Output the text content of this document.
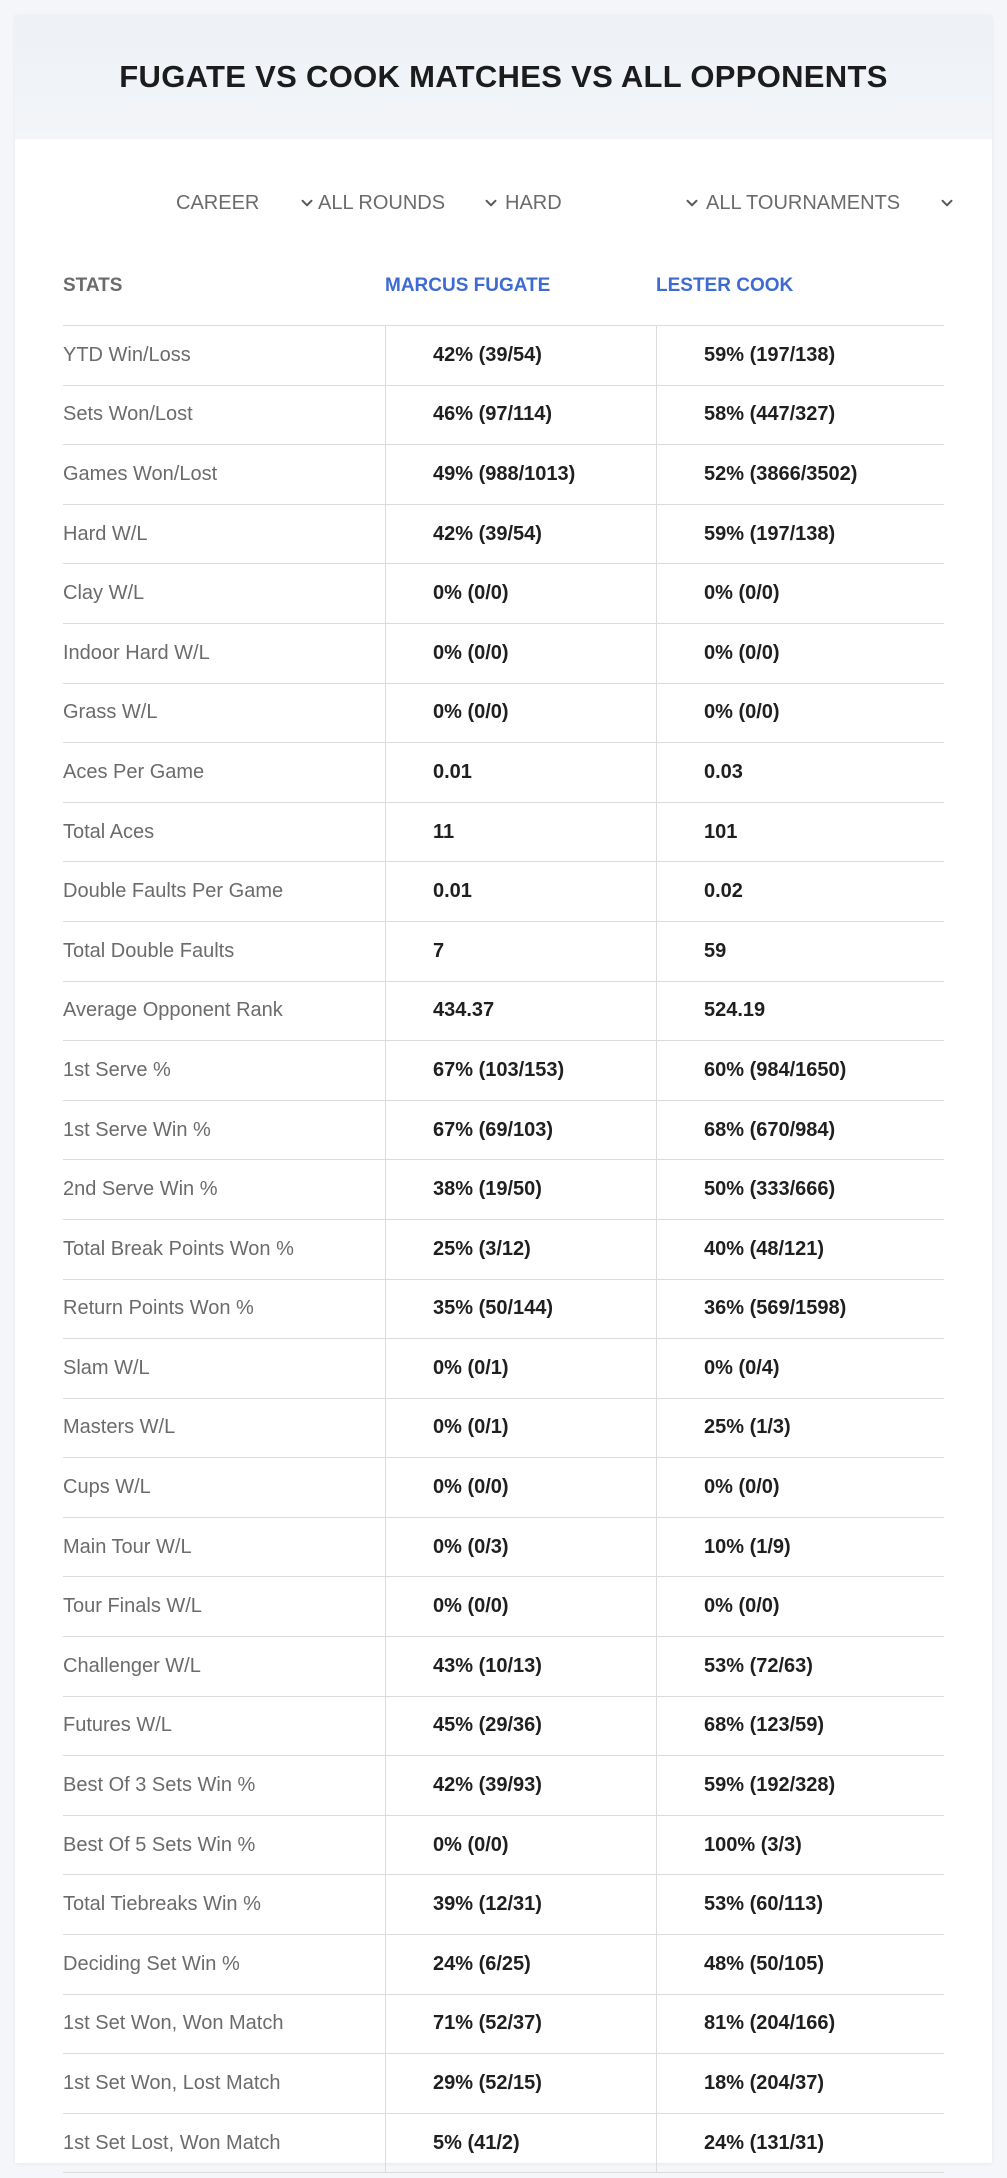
FUGATE VS COOK MATCHES VS ALL OPPONENTS
CAREER	ALL ROUNDS	HARD	ALL TOURNAMENTS
STATS	MARCUS FUGATE	LESTER COOK
YTD Win/Loss	42% (39/54)	59% (197/138)
Sets Won/Lost	46% (97/114)	58% (447/327)
Games Won/Lost	49% (988/1013)	52% (3866/3502)
Hard W/L	42% (39/54)	59% (197/138)
Clay W/L	0% (0/0)	0% (0/0)
Indoor Hard W/L	0% (0/0)	0% (0/0)
Grass W/L	0% (0/0)	0% (0/0)
Aces Per Game	0.01	0.03
Total Aces	11	101
Double Faults Per Game	0.01	0.02
Total Double Faults	7	59
Average Opponent Rank	434.37	524.19
1st Serve %	67% (103/153)	60% (984/1650)
1st Serve Win %	67% (69/103)	68% (670/984)
2nd Serve Win %	38% (19/50)	50% (333/666)
Total Break Points Won %	25% (3/12)	40% (48/121)
Return Points Won %	35% (50/144)	36% (569/1598)
Slam W/L	0% (0/1)	0% (0/4)
Masters W/L	0% (0/1)	25% (1/3)
Cups W/L	0% (0/0)	0% (0/0)
Main Tour W/L	0% (0/3)	10% (1/9)
Tour Finals W/L	0% (0/0)	0% (0/0)
Challenger W/L	43% (10/13)	53% (72/63)
Futures W/L	45% (29/36)	68% (123/59)
Best Of 3 Sets Win %	42% (39/93)	59% (192/328)
Best Of 5 Sets Win %	0% (0/0)	100% (3/3)
Total Tiebreaks Win %	39% (12/31)	53% (60/113)
Deciding Set Win %	24% (6/25)	48% (50/105)
1st Set Won, Won Match	71% (52/37)	81% (204/166)
1st Set Won, Lost Match	29% (52/15)	18% (204/37)
1st Set Lost, Won Match	5% (41/2)	24% (131/31)
